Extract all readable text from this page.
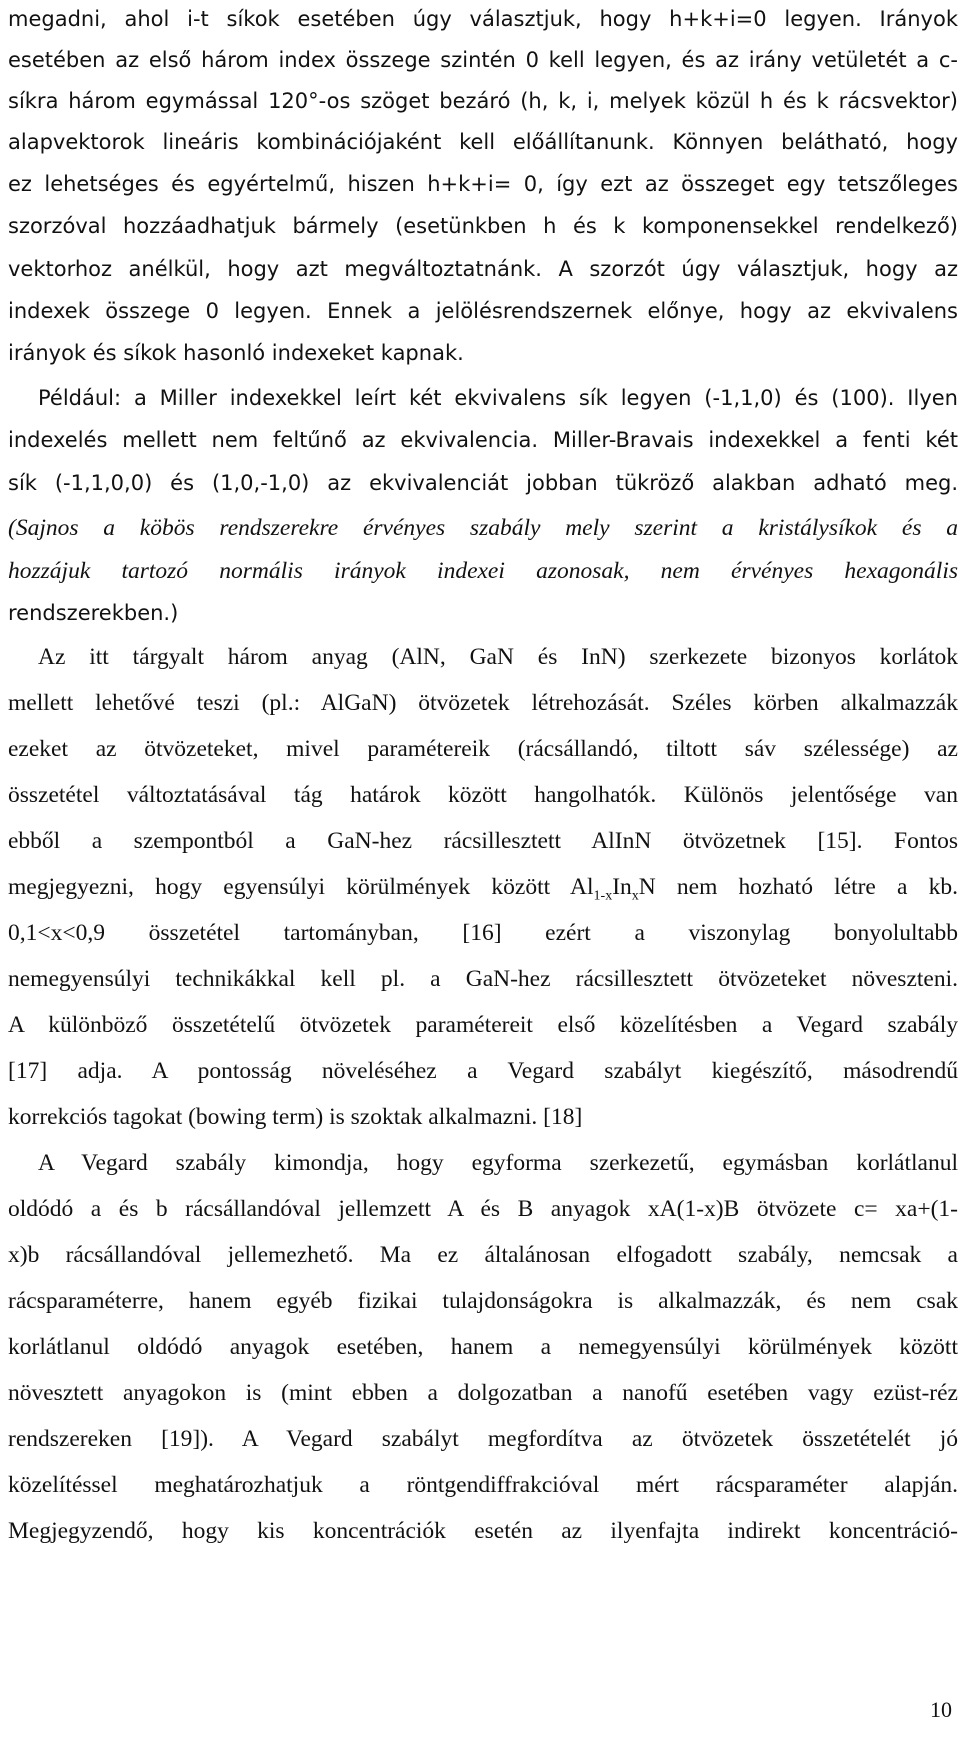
megadni, ahol i-t síkok esetében úgy választjuk, hogy h+k+i=0 legyen. Irányok
esetében az első három index összege szintén 0 kell legyen, és az irány vetületét a c-
síkra három egymással 120°-os szöget bezáró (h, k, i, melyek közül h és k rácsvektor)
alapvektorok lineáris kombinációjaként kell előállítanunk. Könnyen belátható, hogy
ez lehetséges és egyértelmű, hiszen h+k+i= 0, így ezt az összeget egy tetszőleges
szorzóval hozzáadhatjuk bármely (esetünkben h és k komponensekkel rendelkező)
vektorhoz anélkül, hogy azt megváltoztatnánk. A szorzót úgy választjuk, hogy az
indexek összege 0 legyen. Ennek a jelölésrendszernek előnye, hogy az ekvivalens
irányok és síkok hasonló indexeket kapnak.
Például: a Miller indexekkel leírt két ekvivalens sík legyen (-1,1,0) és (100). Ilyen
indexelés mellett nem feltűnő az ekvivalencia. Miller-Bravais indexekkel a fenti két
sík (-1,1,0,0) és (1,0,-1,0) az ekvivalenciát jobban tükröző alakban adható meg.
(Sajnos a köbös rendszerekre érvényes szabály mely szerint a kristálysíkok és a
hozzájuk tartozó normális irányok indexei azonosak, nem érvényes hexagonális
rendszerekben.)
Az itt tárgyalt három anyag (AlN, GaN és InN) szerkezete bizonyos korlátok
mellett lehetővé teszi (pl.: AlGaN) ötvözetek létrehozását. Széles körben alkalmazzák
ezeket az ötvözeteket, mivel paramétereik (rácsállandó, tiltott sáv szélessége) az
összetétel változtatásával tág határok között hangolhatók. Különös jelentősége van
ebből a szempontból a GaN-hez rácsillesztett AlInN ötvözetnek [15]. Fontos
megjegyezni, hogy egyensúlyi körülmények között $Al_{1-x}In_xN$ nem hozható létre a kb.
0,1<x<0,9 összetétel tartományban, [16] ezért a viszonylag bonyolultabb
nemegyensúlyi technikákkal kell pl. a GaN-hez rácsillesztett ötvözeteket növeszteni.
A különböző összetételű ötvözetek paramétereit első közelítésben a Vegard szabály
[17] adja. A pontosság növeléséhez a Vegard szabályt kiegészítő, másodrendű
korrekciós tagokat (bowing term) is szoktak alkalmazni. [18]
A Vegard szabály kimondja, hogy egyforma szerkezetű, egymásban korlátlanul
oldódó a és b rácsállandóval jellemzett A és B anyagok xA(1-x)B ötvözete c= xa+(1-
x)b rácsállandóval jellemezhető. Ma ez általánosan elfogadott szabály, nemcsak a
rácsparaméterre, hanem egyéb fizikai tulajdonságokra is alkalmazzák, és nem csak
korlátlanul oldódó anyagok esetében, hanem a nemegyensúlyi körülmények között
növesztett anyagokon is (mint ebben a dolgozatban a nanofű esetében vagy ezüst-réz
rendszereken [19]). A Vegard szabályt megfordítva az ötvözetek összetételét jó
közelítéssel meghatározhatjuk a röntgendiffrakcióval mért rácsparaméter alapján.
Megjegyzendő, hogy kis koncentrációk esetén az ilyenfajta indirekt koncentráció-
10
